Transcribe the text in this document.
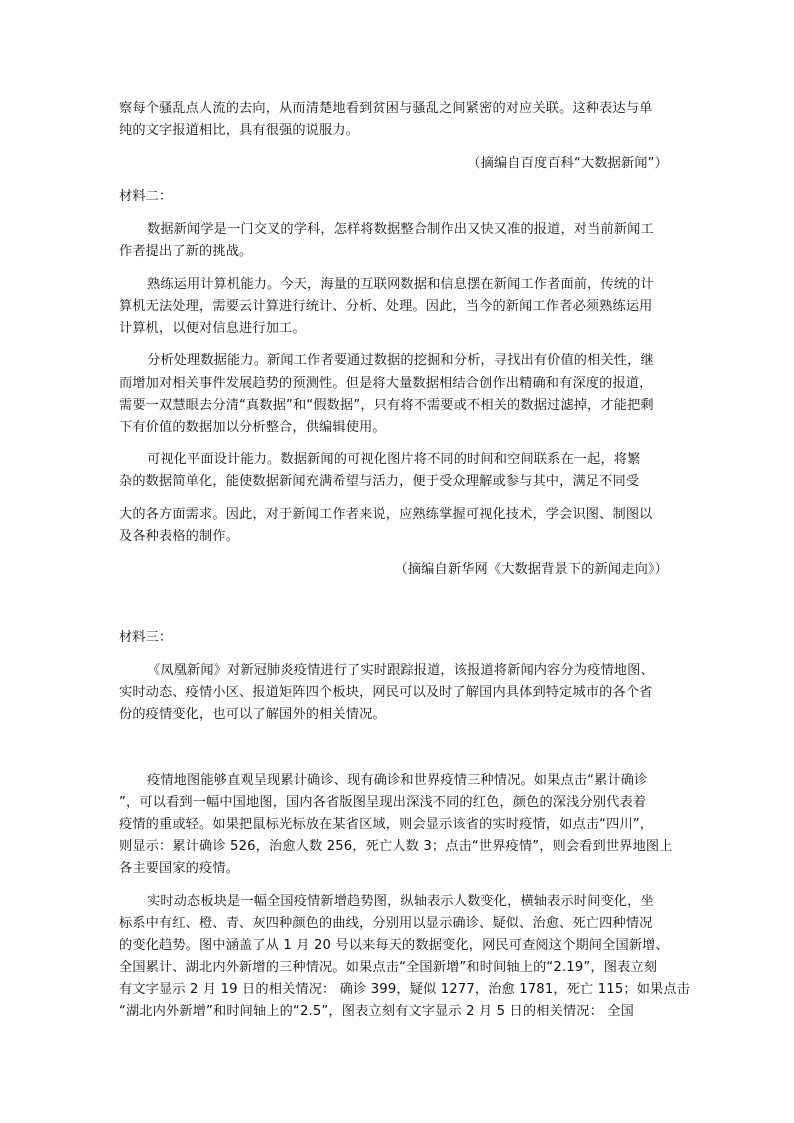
察每个骚乱点人流的去向，从而清楚地看到贫困与骚乱之间紧密的对应关联。这种表达与单
纯的文字报道相比，具有很强的说服力。
（摘编自百度百科“大数据新闻”）
材料二：
数据新闻学是一门交叉的学科，怎样将数据整合制作出又快又准的报道，对当前新闻工
作者提出了新的挑战。
熟练运用计算机能力。今天，海量的互联网数据和信息摆在新闻工作者面前，传统的计
算机无法处理，需要云计算进行统计、分析、处理。因此，当今的新闻工作者必须熟练运用
计算机，以便对信息进行加工。
分析处理数据能力。新闻工作者要通过数据的挖掘和分析，寻找出有价值的相关性，继
而增加对相关事件发展趋势的预测性。但是将大量数据相结合创作出精确和有深度的报道，
需要一双慧眼去分清“真数据”和“假数据”，只有将不需要或不相关的数据过滤掉，才能把剩
下有价值的数据加以分析整合，供编辑使用。
可视化平面设计能力。数据新闻的可视化图片将不同的时间和空间联系在一起，将繁
杂的数据简单化，能使数据新闻充满希望与活力，便于受众理解或参与其中，满足不同受
大的各方面需求。因此，对于新闻工作者来说，应熟练掌握可视化技术，学会识图、制图以
及各种表格的制作。
（摘编自新华网《大数据背景下的新闻走向》）
材料三：
《凤凰新闻》对新冠肺炎疫情进行了实时跟踪报道，该报道将新闻内容分为疫情地图、
实时动态、疫情小区、报道矩阵四个板块，网民可以及时了解国内具体到特定城市的各个省
份的疫情变化，也可以了解国外的相关情况。
疫情地图能够直观呈现累计确诊、现有确诊和世界疫情三种情况。如果点击“累计确诊
”，可以看到一幅中国地图，国内各省版图呈现出深浅不同的红色，颜色的深浅分别代表着
疫情的重或轻。如果把鼠标光标放在某省区域，则会显示该省的实时疫情，如点击“四川”，
则显示：累计确诊 526，治愈人数 256，死亡人数 3；点击“世界疫情”，则会看到世界地图上
各主要国家的疫情。
实时动态板块是一幅全国疫情新增趋势图，纵轴表示人数变化，横轴表示时间变化，坐
标系中有红、橙、青、灰四种颜色的曲线，分别用以显示确诊、疑似、治愈、死亡四种情况
的变化趋势。图中涵盖了从 1 月 20 号以来每天的数据变化，网民可查阅这个期间全国新增、
全国累计、湖北内外新增的三种情况。如果点击“全国新增”和时间轴上的“2.19”，图表立刻
有文字显示 2 月 19 日的相关情况： 确诊 399，疑似 1277，治愈 1781，死亡 115；如果点击
“湖北内外新增”和时间轴上的“2.5”，图表立刻有文字显示 2 月 5 日的相关情况： 全国
